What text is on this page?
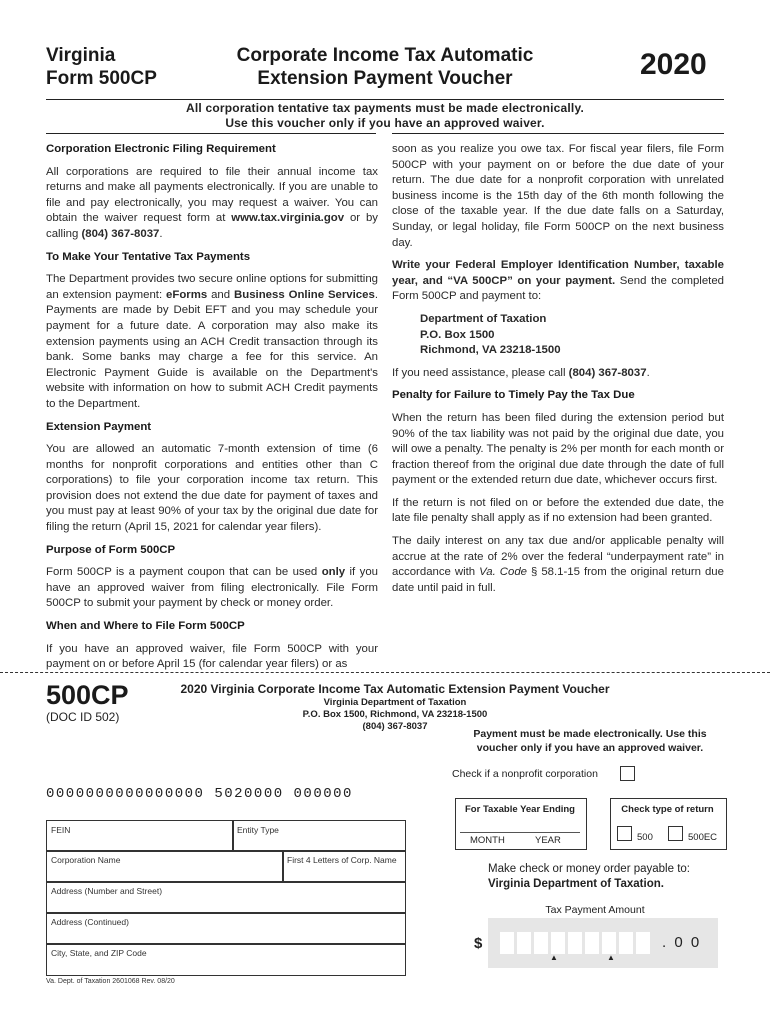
Virginia
Form 500CP
Corporate Income Tax Automatic
Extension Payment Voucher	2020
All corporation tentative tax payments must be made electronically.
Use this voucher only if you have an approved waiver.
Corporation Electronic Filing Requirement

All corporations are required to file their annual income tax returns and make all payments electronically. If you are unable to file and pay electronically, you may request a waiver. You can obtain the waiver request form at www.tax.virginia.gov or by calling (804) 367-8037.

To Make Your Tentative Tax Payments

The Department provides two secure online options for submitting an extension payment: eForms and Business Online Services. Payments are made by Debit EFT and you may schedule your payment for a future date. A corporation may also make its extension payments using an ACH Credit transaction through its bank. Some banks may charge a fee for this service. An Electronic Payment Guide is available on the Department's website with information on how to submit ACH Credit payments to the Department.

Extension Payment

You are allowed an automatic 7-month extension of time (6 months for nonprofit corporations and entities other than C corporations) to file your corporation income tax return. This provision does not extend the due date for payment of taxes and you must pay at least 90% of your tax by the original due date for filing the return (April 15, 2021 for calendar year filers).

Purpose of Form 500CP

Form 500CP is a payment coupon that can be used only if you have an approved waiver from filing electronically. File Form 500CP to submit your payment by check or money order.

When and Where to File Form 500CP

If you have an approved waiver, file Form 500CP with your payment on or before April 15 (for calendar year filers) or as

soon as you realize you owe tax. For fiscal year filers, file Form 500CP with your payment on or before the due date of your return. The due date for a nonprofit corporation with unrelated business income is the 15th day of the 6th month following the close of the taxable year. If the due date falls on a Saturday, Sunday, or legal holiday, file Form 500CP on the next business day.

Write your Federal Employer Identification Number, taxable year, and “VA 500CP” on your payment. Send the completed Form 500CP and payment to:

Department of Taxation
P.O. Box 1500
Richmond, VA 23218-1500

If you need assistance, please call (804) 367-8037.

Penalty for Failure to Timely Pay the Tax Due

When the return has been filed during the extension period but 90% of the tax liability was not paid by the original due date, you will owe a penalty. The penalty is 2% per month for each month or fraction thereof from the original due date through the date of full payment or the extended return due date, whichever occurs first.

If the return is not filed on or before the extended due date, the late file penalty shall apply as if no extension had been granted.

The daily interest on any tax due and/or applicable penalty will accrue at the rate of 2% over the federal “underpayment rate” in accordance with Va. Code § 58.1-15 from the original return due date until paid in full.

500CP
(DOC ID 502)
2020 Virginia Corporate Income Tax Automatic Extension Payment Voucher
Virginia Department of Taxation
P.O. Box 1500, Richmond, VA 23218-1500
(804) 367-8037
Payment must be made electronically. Use this
voucher only if you have an approved waiver.
Check if a nonprofit corporation
0000000000000000 5020000 000000
For Taxable Year Ending
MONTH	YEAR
Check type of return
500	500EC
FEIN	Entity Type
Corporation Name	First 4 Letters of Corp. Name
Address (Number and Street)
Address (Continued)
City, State, and ZIP Code
Make check or money order payable to:
Virginia Department of Taxation.
Tax Payment Amount
$
▲	▲
. 0 0
Va. Dept. of Taxation 2601068 Rev. 08/20
